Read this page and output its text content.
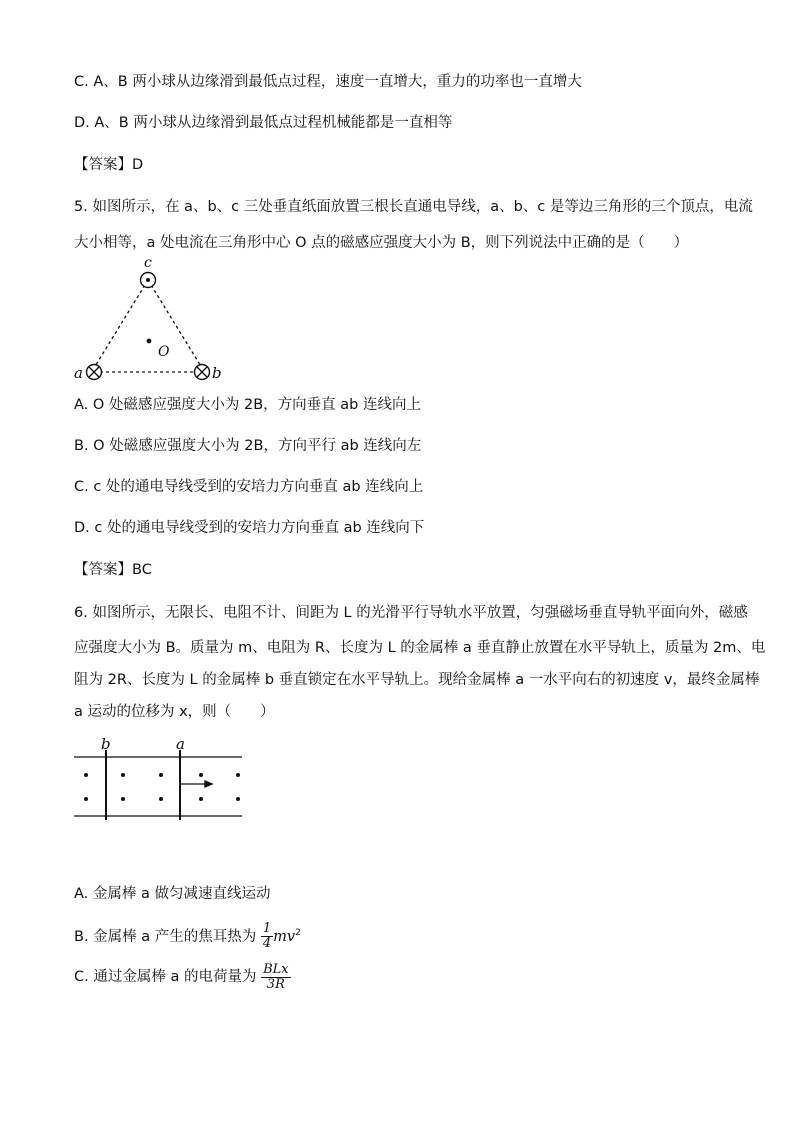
C. A、B 两小球从边缘滑到最低点过程，速度一直增大，重力的功率也一直增大
D. A、B 两小球从边缘滑到最低点过程机械能都是一直相等
【答案】D
5. 如图所示，在 a、b、c 三处垂直纸面放置三根长直通电导线，a、b、c 是等边三角形的三个顶点，电流
大小相等，a 处电流在三角形中心 O 点的磁感应强度大小为 B，则下列说法中正确的是（　　）
c
O
a	b
A. O 处磁感应强度大小为 2B，方向垂直 ab 连线向上
B. O 处磁感应强度大小为 2B，方向平行 ab 连线向左
C. c 处的通电导线受到的安培力方向垂直 ab 连线向上
D. c 处的通电导线受到的安培力方向垂直 ab 连线向下
【答案】BC
6. 如图所示，无限长、电阻不计、间距为 L 的光滑平行导轨水平放置，匀强磁场垂直导轨平面向外，磁感
应强度大小为 B。质量为 m、电阻为 R、长度为 L 的金属棒 a 垂直静止放置在水平导轨上，质量为 2m、电
阻为 2R、长度为 L 的金属棒 b 垂直锁定在水平导轨上。现给金属棒 a 一水平向右的初速度 v，最终金属棒
a 运动的位移为 x，则（　　）
b	a
A. 金属棒 a 做匀减速直线运动
B. 金属棒 a 产生的焦耳热为 $\frac{1}{4} mv^2$
C. 通过金属棒 a 的电荷量为 $\frac{\text{BLx}}{3R}$
